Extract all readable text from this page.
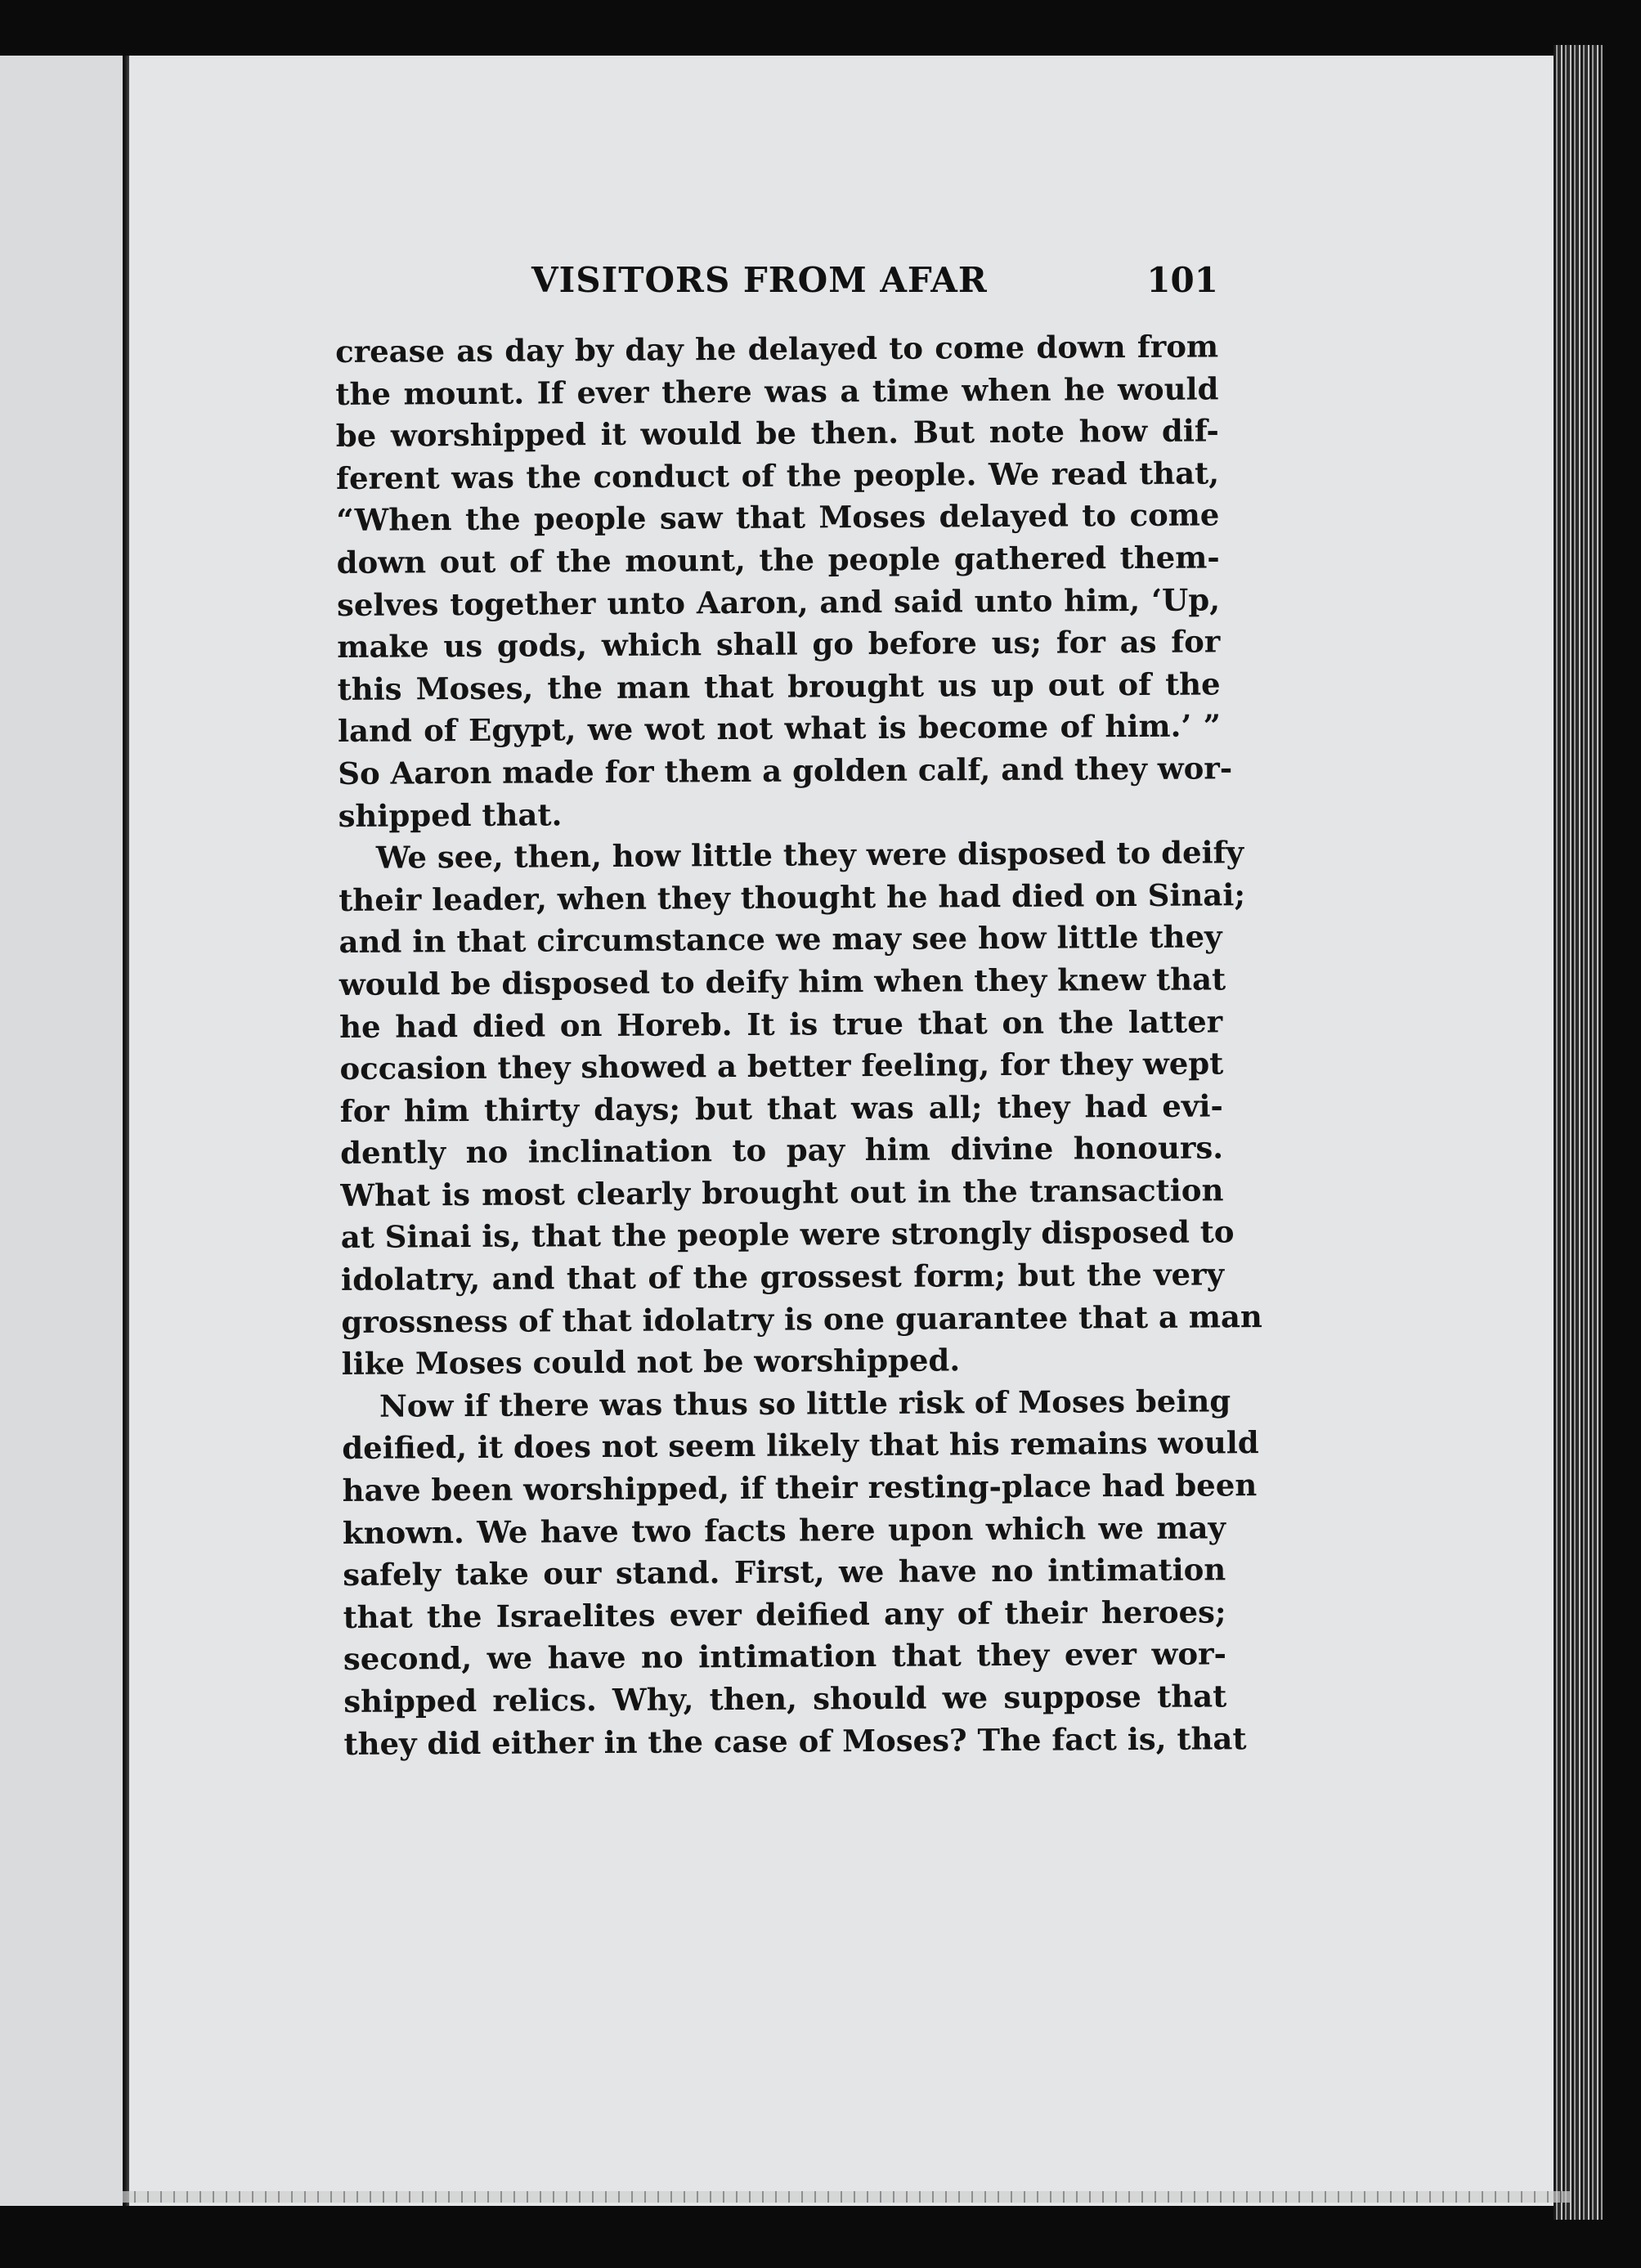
VISITORS FROM AFAR	101
crease as day by day he delayed to come down from
the mount. If ever there was a time when he would
be worshipped it would be then. But note how dif-
ferent was the conduct of the people. We read that,
“When the people saw that Moses delayed to come
down out of the mount, the people gathered them-
selves together unto Aaron, and said unto him, ‘Up,
make us gods, which shall go before us; for as for
this Moses, the man that brought us up out of the
land of Egypt, we wot not what is become of him.’ ”
So Aaron made for them a golden calf, and they wor-
shipped that.
We see, then, how little they were disposed to deify
their leader, when they thought he had died on Sinai;
and in that circumstance we may see how little they
would be disposed to deify him when they knew that
he had died on Horeb. It is true that on the latter
occasion they showed a better feeling, for they wept
for him thirty days; but that was all; they had evi-
dently no inclination to pay him divine honours.
What is most clearly brought out in the transaction
at Sinai is, that the people were strongly disposed to
idolatry, and that of the grossest form; but the very
grossness of that idolatry is one guarantee that a man
like Moses could not be worshipped.
Now if there was thus so little risk of Moses being
deified, it does not seem likely that his remains would
have been worshipped, if their resting-place had been
known. We have two facts here upon which we may
safely take our stand. First, we have no intimation
that the Israelites ever deified any of their heroes;
second, we have no intimation that they ever wor-
shipped relics. Why, then, should we suppose that
they did either in the case of Moses? The fact is, that
